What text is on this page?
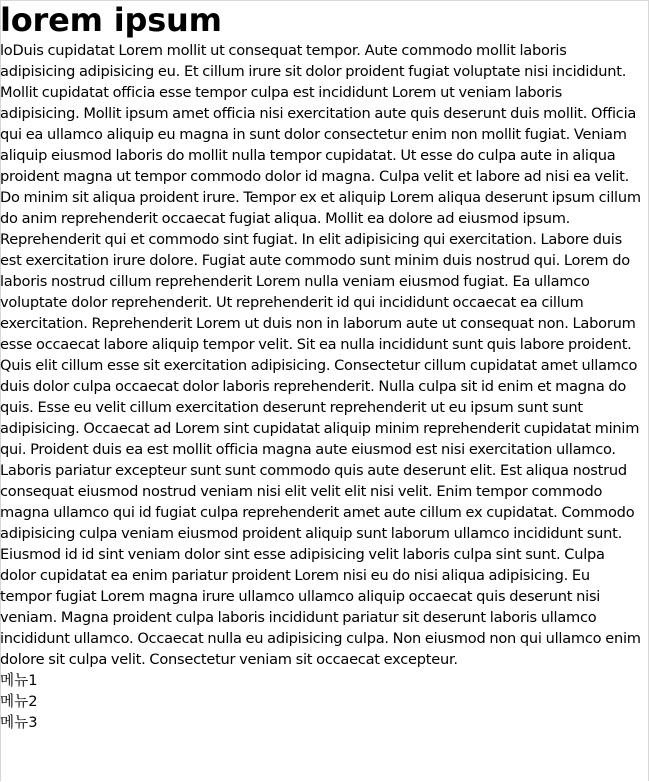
lorem ipsum

loDuis cupidatat Lorem mollit ut consequat tempor. Aute commodo mollit laboris adipisicing adipisicing eu. Et cillum irure sit dolor proident fugiat voluptate nisi incididunt. Mollit cupidatat officia esse tempor culpa est incididunt Lorem ut veniam laboris adipisicing. Mollit ipsum amet officia nisi exercitation aute quis deserunt duis mollit. Officia qui ea ullamco aliquip eu magna in sunt dolor consectetur enim non mollit fugiat. Veniam aliquip eiusmod laboris do mollit nulla tempor cupidatat. Ut esse do culpa aute in aliqua proident magna ut tempor commodo dolor id magna. Culpa velit et labore ad nisi ea velit. Do minim sit aliqua proident irure. Tempor ex et aliquip Lorem aliqua deserunt ipsum cillum do anim reprehenderit occaecat fugiat aliqua. Mollit ea dolore ad eiusmod ipsum. Reprehenderit qui et commodo sint fugiat. In elit adipisicing qui exercitation. Labore duis est exercitation irure dolore. Fugiat aute commodo sunt minim duis nostrud qui. Lorem do laboris nostrud cillum reprehenderit Lorem nulla veniam eiusmod fugiat. Ea ullamco voluptate dolor reprehenderit. Ut reprehenderit id qui incididunt occaecat ea cillum exercitation. Reprehenderit Lorem ut duis non in laborum aute ut consequat non. Laborum esse occaecat labore aliquip tempor velit. Sit ea nulla incididunt sunt quis labore proident. Quis elit cillum esse sit exercitation adipisicing. Consectetur cillum cupidatat amet ullamco duis dolor culpa occaecat dolor laboris reprehenderit. Nulla culpa sit id enim et magna do quis. Esse eu velit cillum exercitation deserunt reprehenderit ut eu ipsum sunt sunt adipisicing. Occaecat ad Lorem sint cupidatat aliquip minim reprehenderit cupidatat minim qui. Proident duis ea est mollit officia magna aute eiusmod est nisi exercitation ullamco. Laboris pariatur excepteur sunt sunt commodo quis aute deserunt elit. Est aliqua nostrud consequat eiusmod nostrud veniam nisi elit velit elit nisi velit. Enim tempor commodo magna ullamco qui id fugiat culpa reprehenderit amet aute cillum ex cupidatat. Commodo adipisicing culpa veniam eiusmod proident aliquip sunt laborum ullamco incididunt sunt. Eiusmod id id sint veniam dolor sint esse adipisicing velit laboris culpa sint sunt. Culpa dolor cupidatat ea enim pariatur proident Lorem nisi eu do nisi aliqua adipisicing. Eu tempor fugiat Lorem magna irure ullamco ullamco aliquip occaecat quis deserunt nisi veniam. Magna proident culpa laboris incididunt pariatur sit deserunt laboris ullamco incididunt ullamco. Occaecat nulla eu adipisicing culpa. Non eiusmod non qui ullamco enim dolore sit culpa velit. Consectetur veniam sit occaecat excepteur.

메뉴1
메뉴2
메뉴3
